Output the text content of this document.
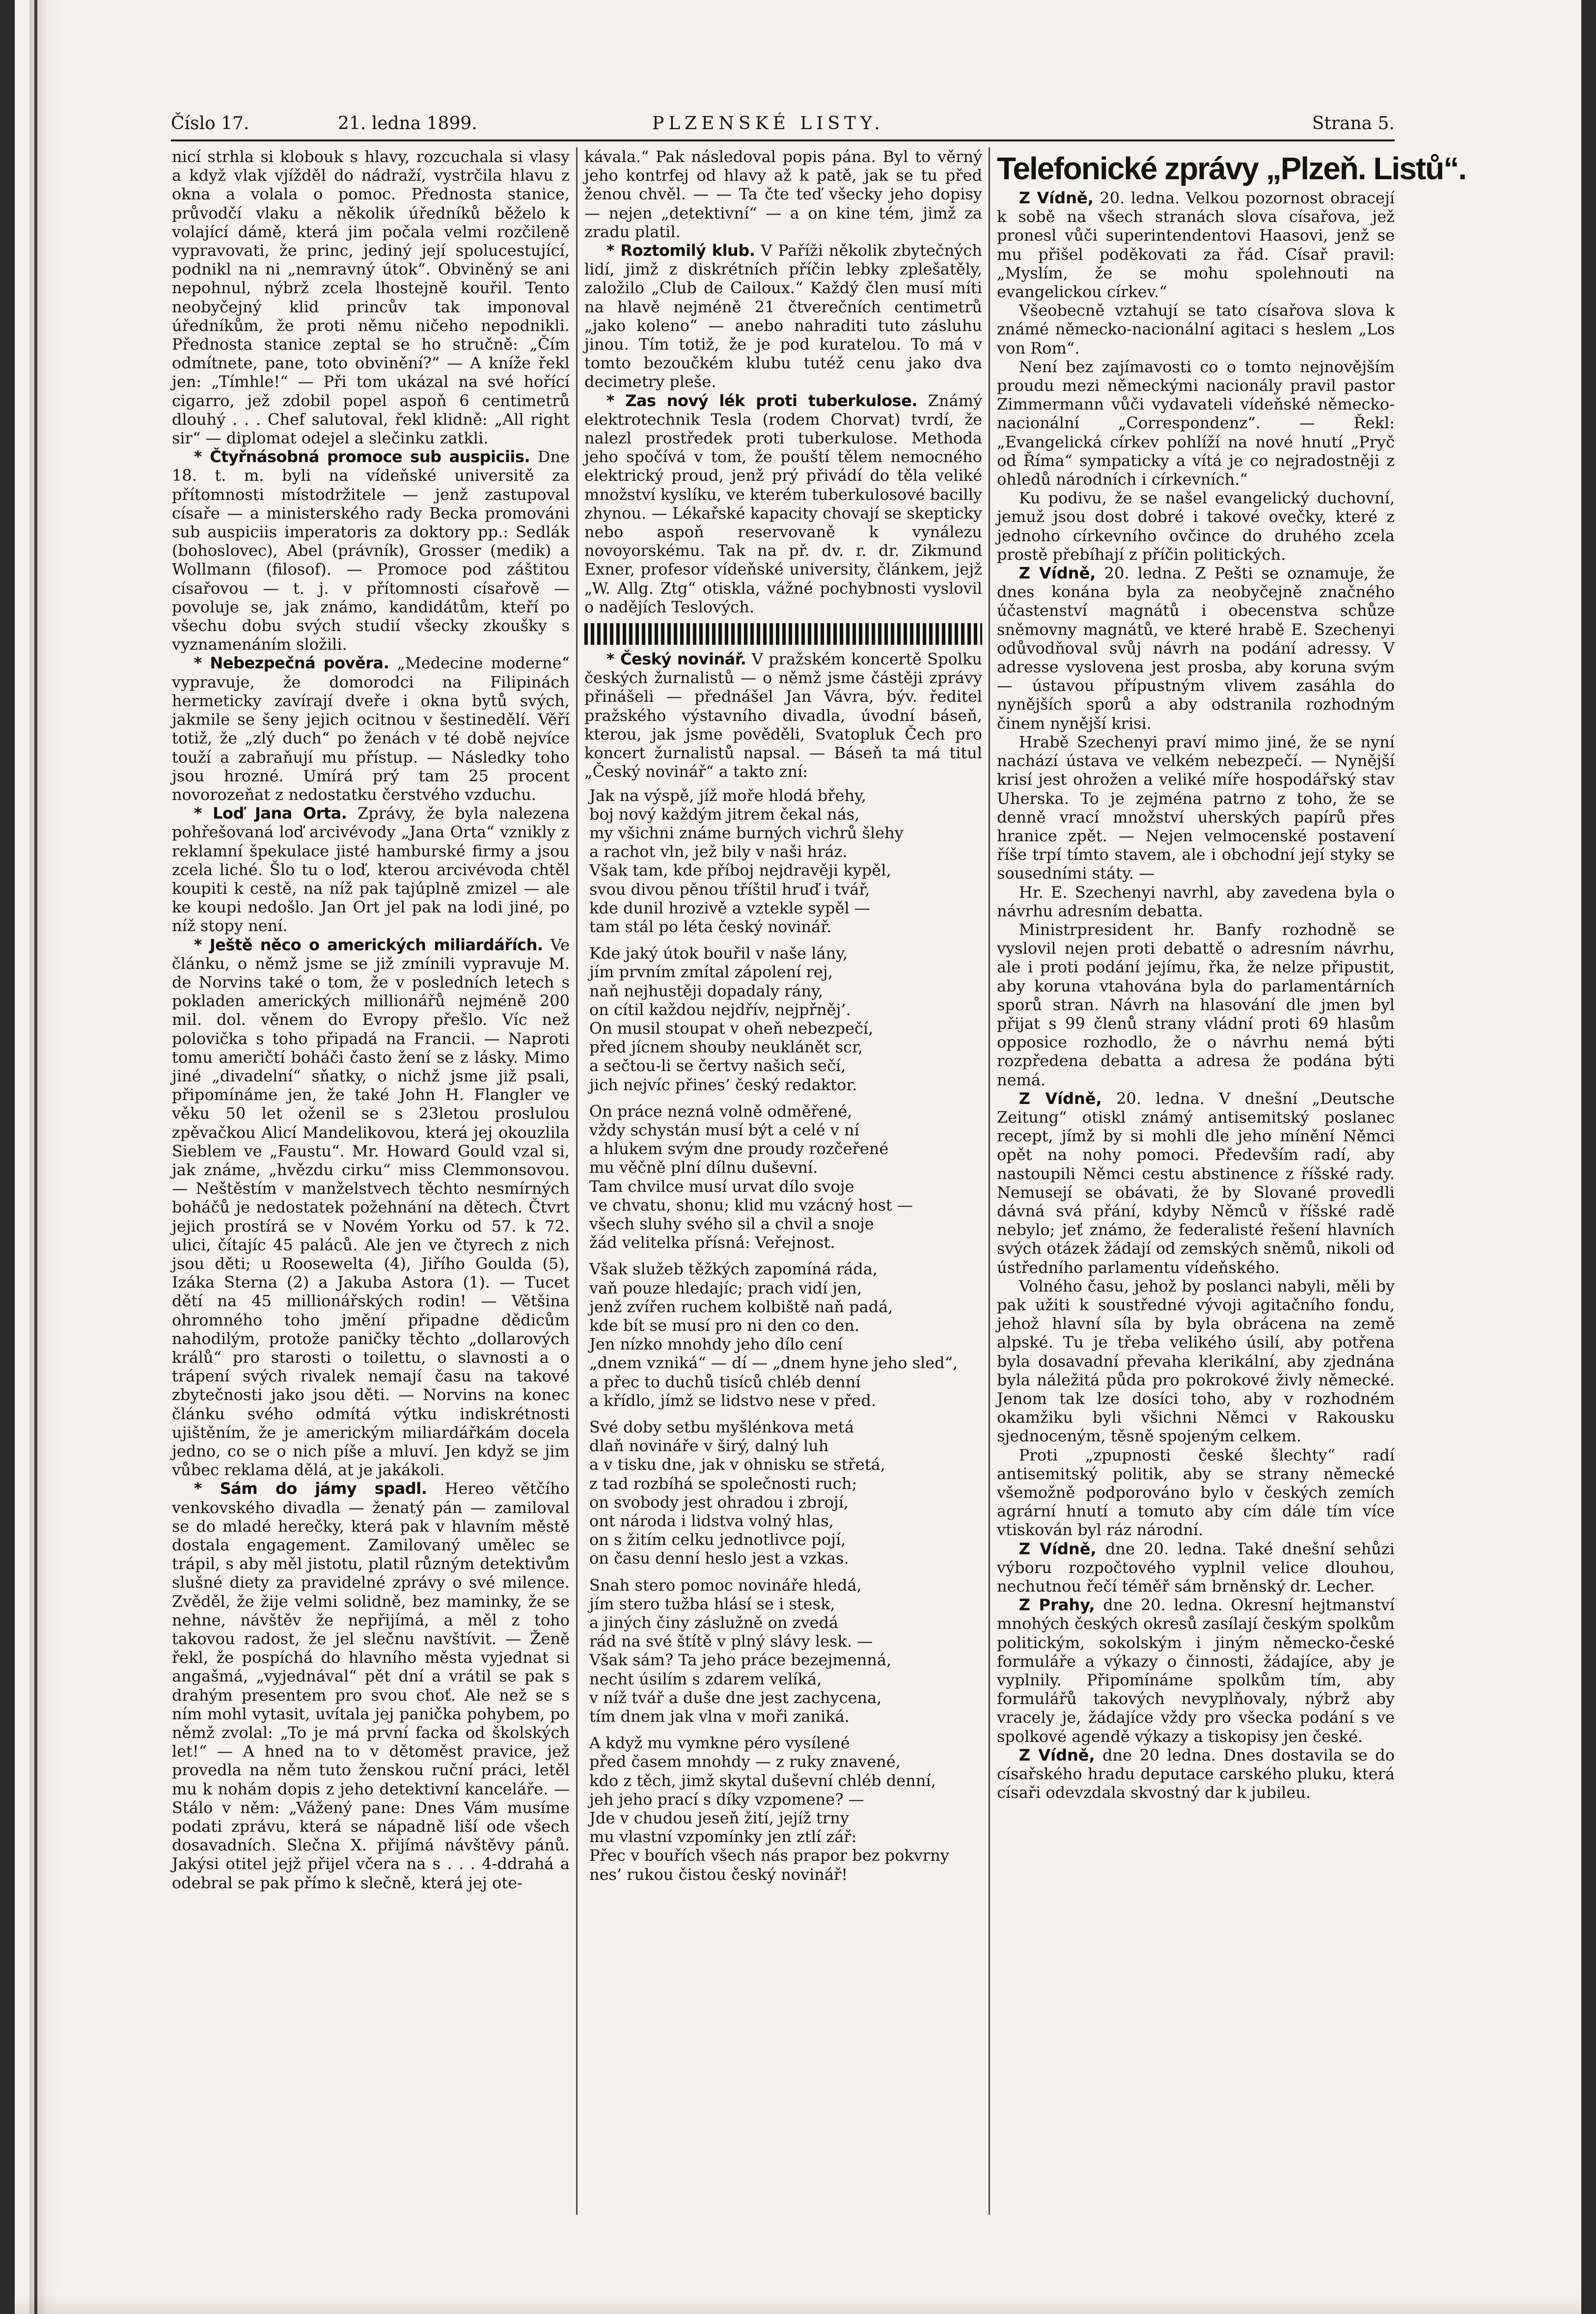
Číslo 17.	21. ledna 1899.	PLZENSKÉ LISTY.	Strana 5.

nicí strhla si klobouk s hlavy, rozcuchala si vlasy a když vlak vjížděl do nádraží, vystrčila hlavu z okna a volala o pomoc. Přednosta stanice, průvodčí vlaku a několik úředníků běželo k volající dámě, která jim počala velmi rozčileně vypravovati, že princ, jediný její spolucestující, podnikl na ni „nemravný útok“. Obviněný se ani nepohnul, nýbrž zcela lhostejně kouřil. Tento neobyčejný klid princův tak imponoval úředníkům, že proti němu ničeho nepodnikli. Přednosta stanice zeptal se ho stručně: „Čím odmítnete, pane, toto obvinění?“ — A kníže řekl jen: „Tímhle!“ — Při tom ukázal na své hořící cigarro, jež zdobil popel aspoň 6 centimetrů dlouhý . . . Chef salutoval, řekl klidně: „All right sir“ — diplomat odejel a slečinku zatkli.

* Čtyřnásobná promoce sub auspiciis. Dne 18. t. m. byli na vídeňské universitě za přítomnosti místodržitele — jenž zastupoval císaře — a ministerského rady Becka promováni sub auspiciis imperatoris za doktory pp.: Sedlák (bohoslovec), Abel (právník), Grosser (medik) a Wollmann (filosof). — Promoce pod záštitou císařovou — t. j. v přítomnosti císařově — povoluje se, jak známo, kandidátům, kteří po všechu dobu svých studií všecky zkoušky s vyznamenáním složili.

* Nebezpečná pověra. „Medecine moderne“ vypravuje, že domorodci na Filipinách hermeticky zavírají dveře i okna bytů svých, jakmile se šeny jejich ocitnou v šestinedělí. Věří totiž, že „zlý duch“ po ženách v té době nejvíce touží a zabraňují mu přístup. — Následky toho jsou hrozné. Umírá prý tam 25 procent novorozeňat z nedostatku čerstvého vzduchu.

* Loď Jana Orta. Zprávy, že byla nalezena pohřešovaná loď arcivévody „Jana Orta“ vznikly z reklamní špekulace jisté hamburské firmy a jsou zcela liché. Šlo tu o loď, kterou arcivévoda chtěl koupiti k cestě, na níž pak tajúplně zmizel — ale ke koupi nedošlo. Jan Ort jel pak na lodi jiné, po níž stopy není.

* Ještě něco o amerických miliardářích. Ve článku, o němž jsme se již zmínili vypravuje M. de Norvins také o tom, že v posledních letech s pokladen amerických millionářů nejméně 200 mil. dol. věnem do Evropy přešlo. Víc než polovička s toho připadá na Francii. — Naproti tomu američtí boháči často žení se z lásky. Mimo jiné „divadelní“ sňatky, o nichž jsme již psali, připomínáme jen, že také John H. Flangler ve věku 50 let oženil se s 23letou proslulou zpěvačkou Alicí Mandelikovou, která jej okouzlila Sieblem ve „Faustu“. Mr. Howard Gould vzal si, jak známe, „hvězdu cirku“ miss Clemmonsovou. — Neštěstím v manželstvech těchto nesmírných boháčů je nedostatek požehnání na dětech. Čtvrt jejich prostírá se v Novém Yorku od 57. k 72. ulici, čítajíc 45 paláců. Ale jen ve čtyrech z nich jsou děti; u Roosewelta (4), Jiřího Goulda (5), Izáka Sterna (2) a Jakuba Astora (1). — Tucet dětí na 45 millionářských rodin! — Většina ohromného toho jmění připadne dědicům nahodilým, protože paničky těchto „dollarových králů“ pro starosti o toilettu, o slavnosti a o trápení svých rivalek nemají času na takové zbytečnosti jako jsou děti. — Norvins na konec článku svého odmítá výtku indiskrétnosti ujištěním, že je americkým miliardářkám docela jedno, co se o nich píše a mluví. Jen když se jim vůbec reklama dělá, at je jakákoli.

* Sám do jámy spadl. Hereo větčího venkovského divadla — ženatý pán — zamiloval se do mladé herečky, která pak v hlavním městě dostala engagement. Zamilovaný umělec se trápil, s aby měl jistotu, platil různým detektivům slušné diety za pravidelné zprávy o své milence. Zvěděl, že žije velmi solidně, bez maminky, že se nehne, návštěv že nepřijímá, a měl z toho takovou radost, že jel slečnu navštívit. — Ženě řekl, že pospíchá do hlavního města vyjednat si angašmá, „vyjednával“ pět dní a vrátil se pak s drahým presentem pro svou choť. Ale než se s ním mohl vytasit, uvítala jej panička pohybem, po němž zvolal: „To je má první facka od školských let!“ — A hned na to v dětoměst pravice, jež provedla na něm tuto ženskou ruční práci, letěl mu k nohám dopis z jeho detektivní kanceláře. — Stálo v něm: „Vážený pane: Dnes Vám musíme podati zprávu, která se nápadně liší ode všech dosavadních. Slečna X. přijímá návštěvy pánů. Jakýsi otitel jejž přijel včera na s . . . 4-ddrahá a odebral se pak přímo k slečně, která jej ote-

kávala.“ Pak následoval popis pána. Byl to věrný jeho kontrfej od hlavy až k patě, jak se tu před ženou chvěl. — — Ta čte teď všecky jeho dopisy — nejen „detektivní“ — a on kine tém, jimž za zradu platil.

* Roztomilý klub. V Paříži několik zbytečných lidí, jimž z diskrétních příčin lebky zplešatěly, založilo „Club de Cailoux.“ Každý člen musí míti na hlavě nejméně 21 čtverečních centimetrů „jako koleno“ — anebo nahraditi tuto zásluhu jinou. Tím totiž, že je pod kuratelou. To má v tomto bezoučkém klubu tutéž cenu jako dva decimetry pleše.

* Zas nový lék proti tuberkulose. Známý elektrotechnik Tesla (rodem Chorvat) tvrdí, že nalezl prostředek proti tuberkulose. Methoda jeho spočívá v tom, že pouští tělem nemocného elektrický proud, jenž prý přivádí do těla veliké množství kyslíku, ve kterém tuberkulosové bacilly zhynou. — Lékařské kapacity chovají se skepticky nebo aspoň reservovaně k vynálezu novoyorskému. Tak na př. dv. r. dr. Zikmund Exner, profesor vídeňské university, článkem, jejž „W. Allg. Ztg“ otiskla, vážné pochybnosti vyslovil o nadějích Teslových.

* Český novinář. V pražském koncertě Spolku českých žurnalistů — o němž jsme částěji zprávy přinášeli — přednášel Jan Vávra, býv. ředitel pražského výstavního divadla, úvodní báseň, kterou, jak jsme pověděli, Svatopluk Čech pro koncert žurnalistů napsal. — Báseň ta má titul „Český novinář“ a takto zní:

Jak na výspě, jíž moře hlodá břehy,
boj nový každým jitrem čekal nás,
my všichni známe burných vichrů šlehy
a rachot vln, jež bily v naši hráz.
Však tam, kde příboj nejdravěji kypěl,
svou divou pěnou tříštil hruď i tvář,
kde dunil hrozivě a vztekle sypěl —
tam stál po léta český novinář.
Kde jaký útok bouřil v naše lány,
jím prvním zmítal zápolení rej,
naň nejhustěji dopadaly rány,
on cítil každou nejdřív, nejpřněj’.
On musil stoupat v oheň nebezpečí,
před jícnem shouby neuklánět scr,
a sečtou-li se čertvy našich sečí,
jich nejvíc přines’ český redaktor.
On práce nezná volně odměřené,
vždy schystán musí být a celé v ní
a hlukem svým dne proudy rozčeřené
mu věčně plní dílnu duševní.
Tam chvilce musí urvat dílo svoje
ve chvatu, shonu; klid mu vzácný host —
všech sluhy svého sil a chvil a snoje
žád velitelka přísná: Veřejnost.
Však služeb těžkých zapomíná ráda,
vaň pouze hledajíc; prach vidí jen,
jenž zvířen ruchem kolbiště naň padá,
kde bít se musí pro ni den co den.
Jen nízko mnohdy jeho dílo cení
„dnem vzniká“ — dí — „dnem hyne jeho sled“,
a přec to duchů tisíců chléb denní
a křídlo, jímž se lidstvo nese v před.
Své doby setbu myšlénkova metá
dlaň novináře v širý, dalný luh
a v tisku dne, jak v ohnisku se střetá,
z tad rozbíhá se společnosti ruch;
on svobody jest ohradou i zbrojí,
ont národa i lidstva volný hlas,
on s žitím celku jednotlivce pojí,
on času denní heslo jest a vzkas.
Snah stero pomoc novináře hledá,
jím stero tužba hlásí se i stesk,
a jiných činy záslužně on zvedá
rád na své štítě v plný slávy lesk. —
Však sám? Ta jeho práce bezejmenná,
necht úsilím s zdarem velíká,
v níž tvář a duše dne jest zachycena,
tím dnem jak vlna v moři zaniká.
A když mu vymkne péro vysílené
před časem mnohdy — z ruky znavené,
kdo z těch, jimž skytal duševní chléb denní,
jeh jeho prací s díky vzpomene? —
Jde v chudou jeseň žití, jejíž trny
mu vlastní vzpomínky jen ztlí zář:
Přec v bouřích všech nás prapor bez pokvrny
nes’ rukou čistou český novinář!
Telefonické zprávy „Plzeň. Listů“.

Z Vídně, 20. ledna. Velkou pozornost obracejí k sobě na všech stranách slova císařova, jež pronesl vůči superintendentovi Haasovi, jenž se mu přišel poděkovati za řád. Císař pravil: „Myslím, že se mohu spolehnouti na evangelickou církev.“

Všeobecně vztahují se tato císařova slova k známé německo-nacionální agitaci s heslem „Los von Rom“.

Není bez zajímavosti co o tomto nejnovějším proudu mezi německými nacionály pravil pastor Zimmermann vůči vydavateli vídeňské německo-nacionální „Correspondenz“. — Řekl: „Evangelická církev pohlíží na nové hnutí „Pryč od Říma“ sympaticky a vítá je co nejradostněji z ohledů národních i církevních.“

Ku podivu, že se našel evangelický duchovní, jemuž jsou dost dobré i takové ovečky, které z jednoho církevního ovčince do druhého zcela prostě přebíhají z příčin politických.

Z Vídně, 20. ledna. Z Pešti se oznamuje, že dnes konána byla za neobyčejně značného účastenství magnátů i obecenstva schůze sněmovny magnátů, ve které hrabě E. Szechenyi odůvodňoval svůj návrh na podání adressy. V adresse vyslovena jest prosba, aby koruna svým — ústavou přípustným vlivem zasáhla do nynějších sporů a aby odstranila rozhodným činem nynější krisi.

Hrabě Szechenyi praví mimo jiné, že se nyní nachází ústava ve velkém nebezpečí. — Nynější krisí jest ohrožen a veliké míře hospodářský stav Uherska. To je zejména patrno z toho, že se denně vrací množství uherských papírů přes hranice zpět. — Nejen velmocenské postavení říše trpí tímto stavem, ale i obchodní její styky se sousedními státy. —

Hr. E. Szechenyi navrhl, aby zavedena byla o návrhu adresním debatta.

Ministrpresident hr. Banfy rozhodně se vyslovil nejen proti debattě o adresním návrhu, ale i proti podání jejímu, řka, že nelze připustit, aby koruna vtahována byla do parlamentárních sporů stran. Návrh na hlasování dle jmen byl přijat s 99 členů strany vládní proti 69 hlasům opposice rozhodlo, že o návrhu nemá býti rozpředena debatta a adresa že podána býti nemá.

Z Vídně, 20. ledna. V dnešní „Deutsche Zeitung“ otiskl známý antisemitský poslanec recept, jímž by si mohli dle jeho mínění Němci opět na nohy pomoci. Především radí, aby nastoupili Němci cestu abstinence z říšské rady. Nemusejí se obávati, že by Slované provedli dávná svá přání, kdyby Němců v říšské radě nebylo; jeť známo, že federalisté řešení hlavních svých otázek žádají od zemských sněmů, nikoli od ústředního parlamentu vídeňského.

Volného času, jehož by poslanci nabyli, měli by pak užiti k soustředné vývoji agitačního fondu, jehož hlavní síla by byla obrácena na země alpské. Tu je třeba velikého úsilí, aby potřena byla dosavadní převaha klerikální, aby zjednána byla náležitá půda pro pokrokové živly německé. Jenom tak lze dosíci toho, aby v rozhodném okamžiku byli všichni Němci v Rakousku sjednoceným, těsně spojeným celkem.

Proti „zpupnosti české šlechty“ radí antisemitský politik, aby se strany německé všemožně podporováno bylo v českých zemích agrární hnutí a tomuto aby cím dále tím více vtiskován byl ráz národní.

Z Vídně, dne 20. ledna. Také dnešní sehůzi výboru rozpočtového vyplnil velice dlouhou, nechutnou řečí téměř sám brněnský dr. Lecher.

Z Prahy, dne 20. ledna. Okresní hejtmanství mnohých českých okresů zasílají českým spolkům politickým, sokolským i jiným německo-české formuláře a výkazy o činnosti, žádajíce, aby je vyplnily. Připomínáme spolkům tím, aby formulářů takových nevyplňovaly, nýbrž aby vracely je, žádajíce vždy pro všecka podání s ve spolkové agendě výkazy a tiskopisy jen české.

Z Vídně, dne 20 ledna. Dnes dostavila se do císařského hradu deputace carského pluku, která císaři odevzdala skvostný dar k jubileu.
